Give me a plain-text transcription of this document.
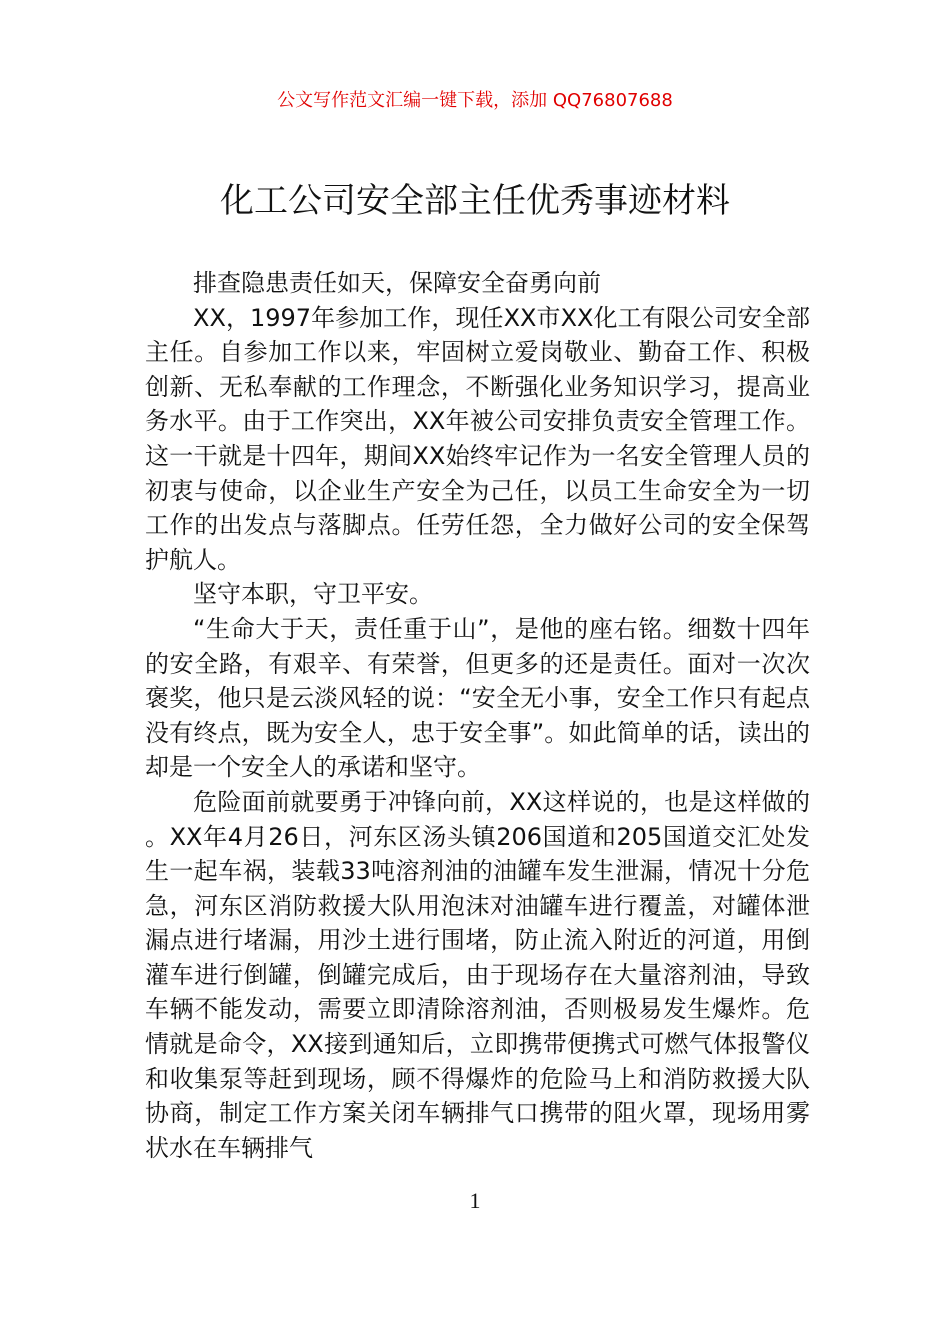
公文写作范文汇编一键下载，添加 QQ76807688
化工公司安全部主任优秀事迹材料

排查隐患责任如天，保障安全奋勇向前

XX，1997年参加工作，现任XX市XX化工有限公司安全部主任。自参加工作以来，牢固树立爱岗敬业、勤奋工作、积极创新、无私奉献的工作理念，不断强化业务知识学习，提高业务水平。由于工作突出，XX年被公司安排负责安全管理工作。这一干就是十四年，期间XX始终牢记作为一名安全管理人员的初衷与使命，以企业生产安全为己任，以员工生命安全为一切工作的出发点与落脚点。任劳任怨，全力做好公司的安全保驾护航人。

坚守本职，守卫平安。

“生命大于天，责任重于山”，是他的座右铭。细数十四年的安全路，有艰辛、有荣誉，但更多的还是责任。面对一次次褒奖，他只是云淡风轻的说：“安全无小事，安全工作只有起点没有终点，既为安全人，忠于安全事”。如此简单的话，读出的却是一个安全人的承诺和坚守。

危险面前就要勇于冲锋向前，XX这样说的，也是这样做的。XX年4月26日，河东区汤头镇206国道和205国道交汇处发生一起车祸，装载33吨溶剂油的油罐车发生泄漏，情况十分危急，河东区消防救援大队用泡沫对油罐车进行覆盖，对罐体泄漏点进行堵漏，用沙土进行围堵，防止流入附近的河道，用倒灌车进行倒罐，倒罐完成后，由于现场存在大量溶剂油，导致车辆不能发动，需要立即清除溶剂油，否则极易发生爆炸。危情就是命令，XX接到通知后，立即携带便携式可燃气体报警仪和收集泵等赶到现场，顾不得爆炸的危险马上和消防救援大队协商，制定工作方案关闭车辆排气口携带的阻火罩，现场用雾状水在车辆排气

1
